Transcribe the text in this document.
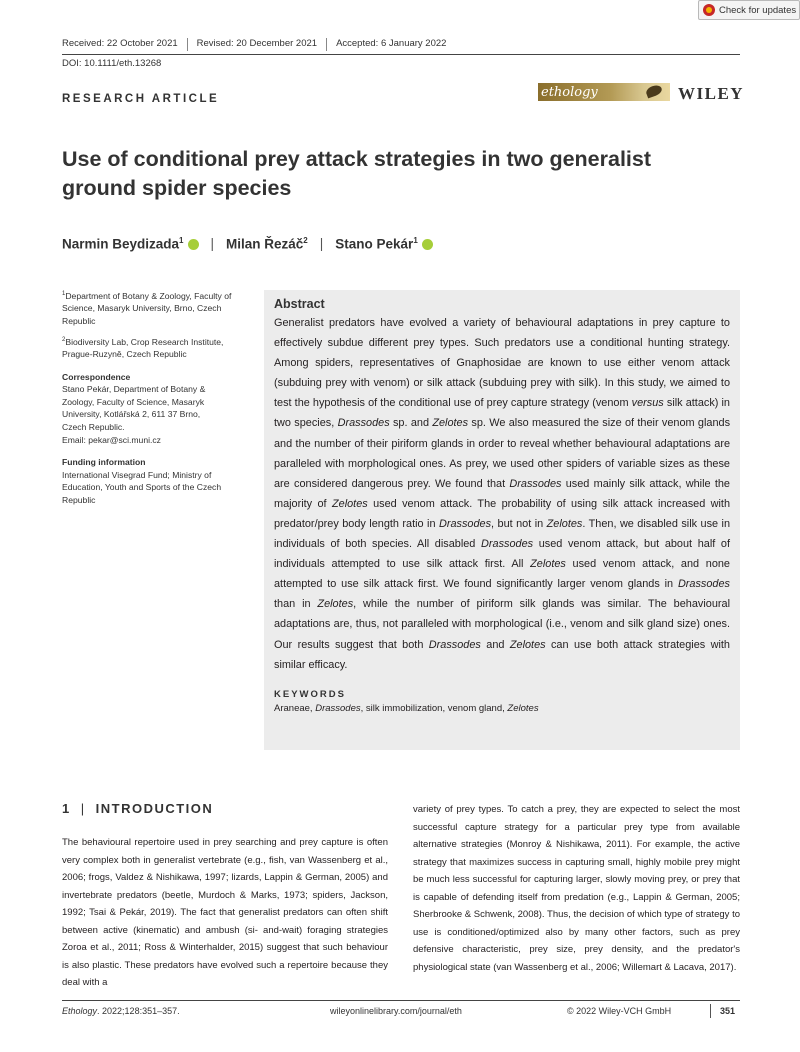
Check for updates
Received: 22 October 2021 Revised: 20 December 2021 Accepted: 6 January 2022
DOI: 10.1111/eth.13268
RESEARCH ARTICLE	ethology	WILEY
Use of conditional prey attack strategies in two generalist ground spider species
Narmin Beydizada$^1$ | Milan Řezáč$^2$ | Stano Pekár$^1$

$^1$Department of Botany & Zoology, Faculty of Science, Masaryk University, Brno, Czech Republic

$^2$Biodiversity Lab, Crop Research Institute, Prague-Ruzyně, Czech Republic

Correspondence

Stano Pekár, Department of Botany &
Zoology, Faculty of Science, Masaryk
University, Kotlářská 2, 611 37 Brno,
Czech Republic.
Email: pekar@sci.muni.cz

Funding information

International Visegrad Fund; Ministry of Education, Youth and Sports of the Czech Republic

Abstract

Generalist predators have evolved a variety of behavioural adaptations in prey capture to effectively subdue different prey types. Such predators use a conditional hunting strategy. Among spiders, representatives of Gnaphosidae are known to use either venom attack (subduing prey with venom) or silk attack (subduing prey with silk). In this study, we aimed to test the hypothesis of the conditional use of prey capture strategy (venom versus silk attack) in two species, Drassodes sp. and Zelotes sp. We also measured the size of their venom glands and the number of their piriform glands in order to reveal whether behavioural adaptations are paralleled with morphological ones. As prey, we used other spiders of variable sizes as these are considered dangerous prey. We found that Drassodes used mainly silk attack, while the majority of Zelotes used venom attack. The probability of using silk attack increased with predator/prey body length ratio in Drassodes, but not in Zelotes. Then, we disabled silk use in individuals of both species. All disabled Drassodes used venom attack, but about half of individuals attempted to use silk attack first. All Zelotes used venom attack, and none attempted to use silk attack first. We found significantly larger venom glands in Drassodes than in Zelotes, while the number of piriform silk glands was similar. The behavioural adaptations are, thus, not paralleled with morphological (i.e., venom and silk gland size) ones. Our results suggest that both Drassodes and Zelotes can use both attack strategies with similar efficacy.

KEYWORDS
Araneae, Drassodes, silk immobilization, venom gland, Zelotes
1 | INTRODUCTION

The behavioural repertoire used in prey searching and prey capture is often very complex both in generalist vertebrate (e.g., fish, van Wassenberg et al., 2006; frogs, Valdez & Nishikawa, 1997; lizards, Lappin & German, 2005) and invertebrate predators (beetle, Murdoch & Marks, 1973; spiders, Jackson, 1992; Tsai & Pekár, 2019). The fact that generalist predators can often shift between active (kinematic) and ambush (si- and-wait) foraging strategies Zoroa et al., 2011; Ross & Winterhalder, 2015) suggest that such behaviour is also plastic. These predators have evolved such a repertoire because they deal with a

variety of prey types. To catch a prey, they are expected to select the most successful capture strategy for a particular prey type from available alternative strategies (Monroy & Nishikawa, 2011). For example, the active strategy that maximizes success in capturing small, highly mobile prey might be much less successful for capturing larger, slowly moving prey, or prey that is capable of defending itself from predation (e.g., Lappin & German, 2005; Sherbrooke & Schwenk, 2008). Thus, the decision of which type of strategy to use is conditioned/optimized also by many other factors, such as prey defensive characteristic, prey size, prey density, and the predator's physiological state (van Wassenberg et al., 2006; Willemart & Lacava, 2017).

Ethology. 2022;128:351–357.	wileyonlinelibrary.com/journal/eth	© 2022 Wiley-VCH GmbH	351
